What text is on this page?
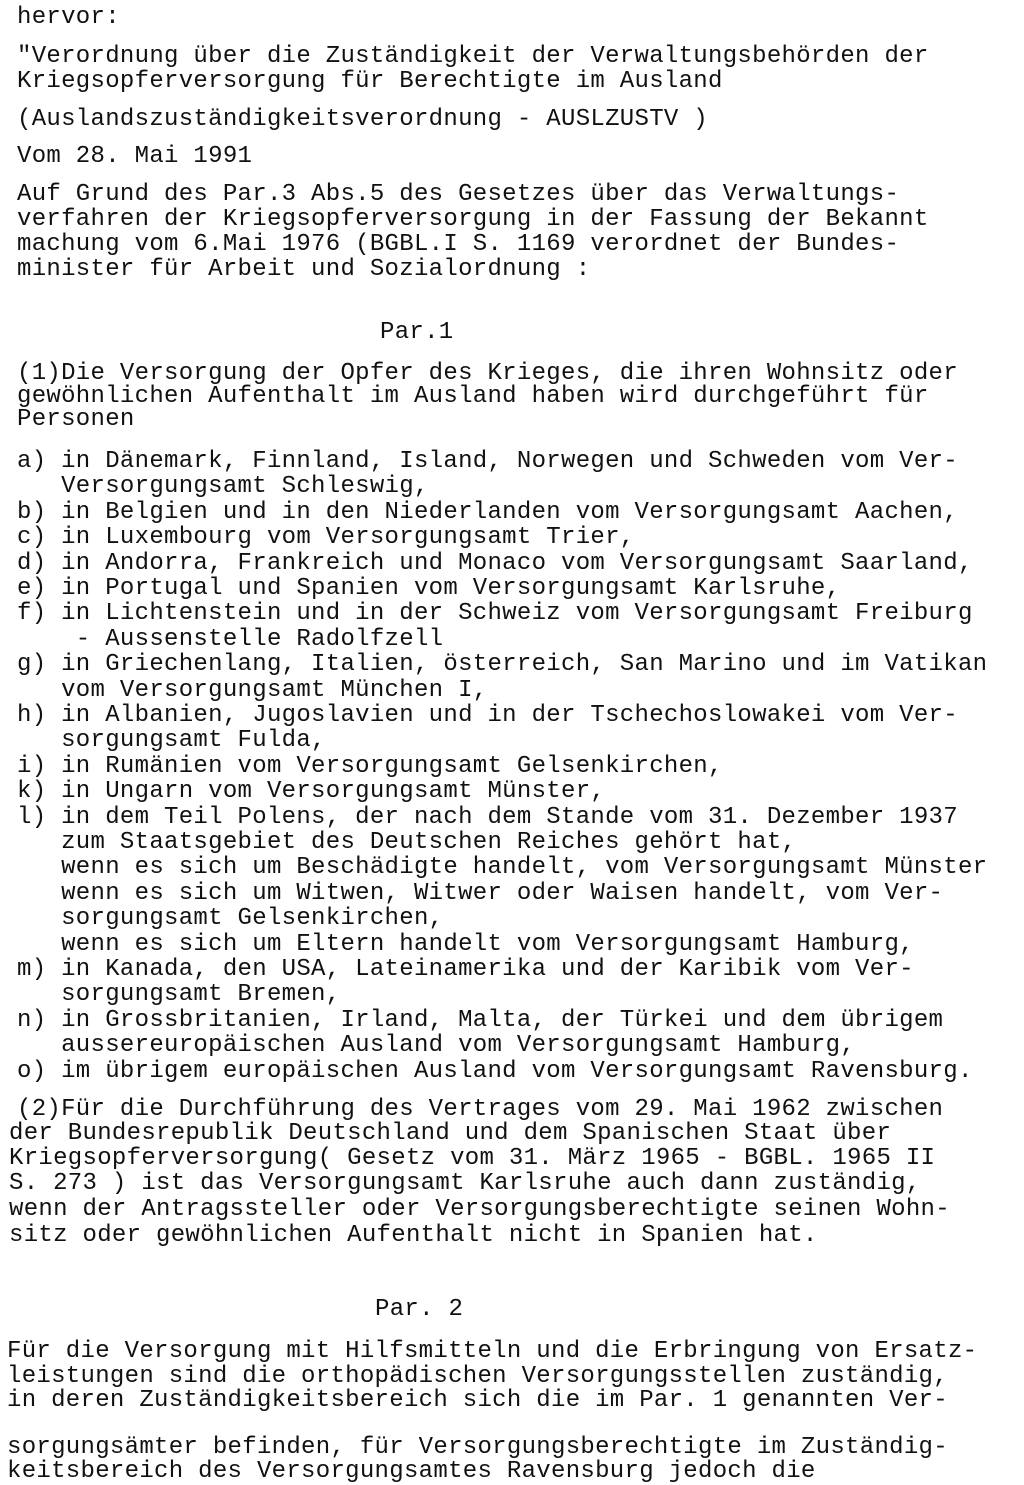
hervor:
"Verordnung über die Zuständigkeit der Verwaltungsbehörden der
Kriegsopferversorgung für Berechtigte im Ausland
(Auslandszuständigkeitsverordnung - AUSLZUSTV )
Vom 28. Mai 1991
Auf Grund des Par.3 Abs.5 des Gesetzes über das Verwaltungs-
verfahren der Kriegsopferversorgung in der Fassung der Bekannt
machung vom 6.Mai 1976 (BGBL.I S. 1169 verordnet der Bundes-
minister für Arbeit und Sozialordnung :
Par.1
(1)Die Versorgung der Opfer des Krieges, die ihren Wohnsitz oder
gewöhnlichen Aufenthalt im Ausland haben wird durchgeführt für
Personen
a) in Dänemark, Finnland, Island, Norwegen und Schweden vom Ver-
Versorgungsamt Schleswig,
b) in Belgien und in den Niederlanden vom Versorgungsamt Aachen,
c) in Luxembourg vom Versorgungsamt Trier,
d) in Andorra, Frankreich und Monaco vom Versorgungsamt Saarland,
e) in Portugal und Spanien vom Versorgungsamt Karlsruhe,
f) in Lichtenstein und in der Schweiz vom Versorgungsamt Freiburg
- Aussenstelle Radolfzell
g) in Griechenlang, Italien, österreich, San Marino und im Vatikan
vom Versorgungsamt München I,
h) in Albanien, Jugoslavien und in der Tschechoslowakei vom Ver-
sorgungsamt Fulda,
i) in Rumänien vom Versorgungsamt Gelsenkirchen,
k) in Ungarn vom Versorgungsamt Münster,
l) in dem Teil Polens, der nach dem Stande vom 31. Dezember 1937
zum Staatsgebiet des Deutschen Reiches gehört hat,
wenn es sich um Beschädigte handelt, vom Versorgungsamt Münster
wenn es sich um Witwen, Witwer oder Waisen handelt, vom Ver-
sorgungsamt Gelsenkirchen,
wenn es sich um Eltern handelt vom Versorgungsamt Hamburg,
m) in Kanada, den USA, Lateinamerika und der Karibik vom Ver-
sorgungsamt Bremen,
n) in Grossbritanien, Irland, Malta, der Türkei und dem übrigem
aussereuropäischen Ausland vom Versorgungsamt Hamburg,
o) im übrigem europäischen Ausland vom Versorgungsamt Ravensburg.
(2)Für die Durchführung des Vertrages vom 29. Mai 1962 zwischen
der Bundesrepublik Deutschland und dem Spanischen Staat über
Kriegsopferversorgung( Gesetz vom 31. März 1965 - BGBL. 1965 II
S. 273 ) ist das Versorgungsamt Karlsruhe auch dann zuständig,
wenn der Antragssteller oder Versorgungsberechtigte seinen Wohn-
sitz oder gewöhnlichen Aufenthalt nicht in Spanien hat.
Par. 2
Für die Versorgung mit Hilfsmitteln und die Erbringung von Ersatz-
leistungen sind die orthopädischen Versorgungsstellen zuständig,
in deren Zuständigkeitsbereich sich die im Par. 1 genannten Ver-
sorgungsämter befinden, für Versorgungsberechtigte im Zuständig-
keitsbereich des Versorgungsamtes Ravensburg jedoch die
